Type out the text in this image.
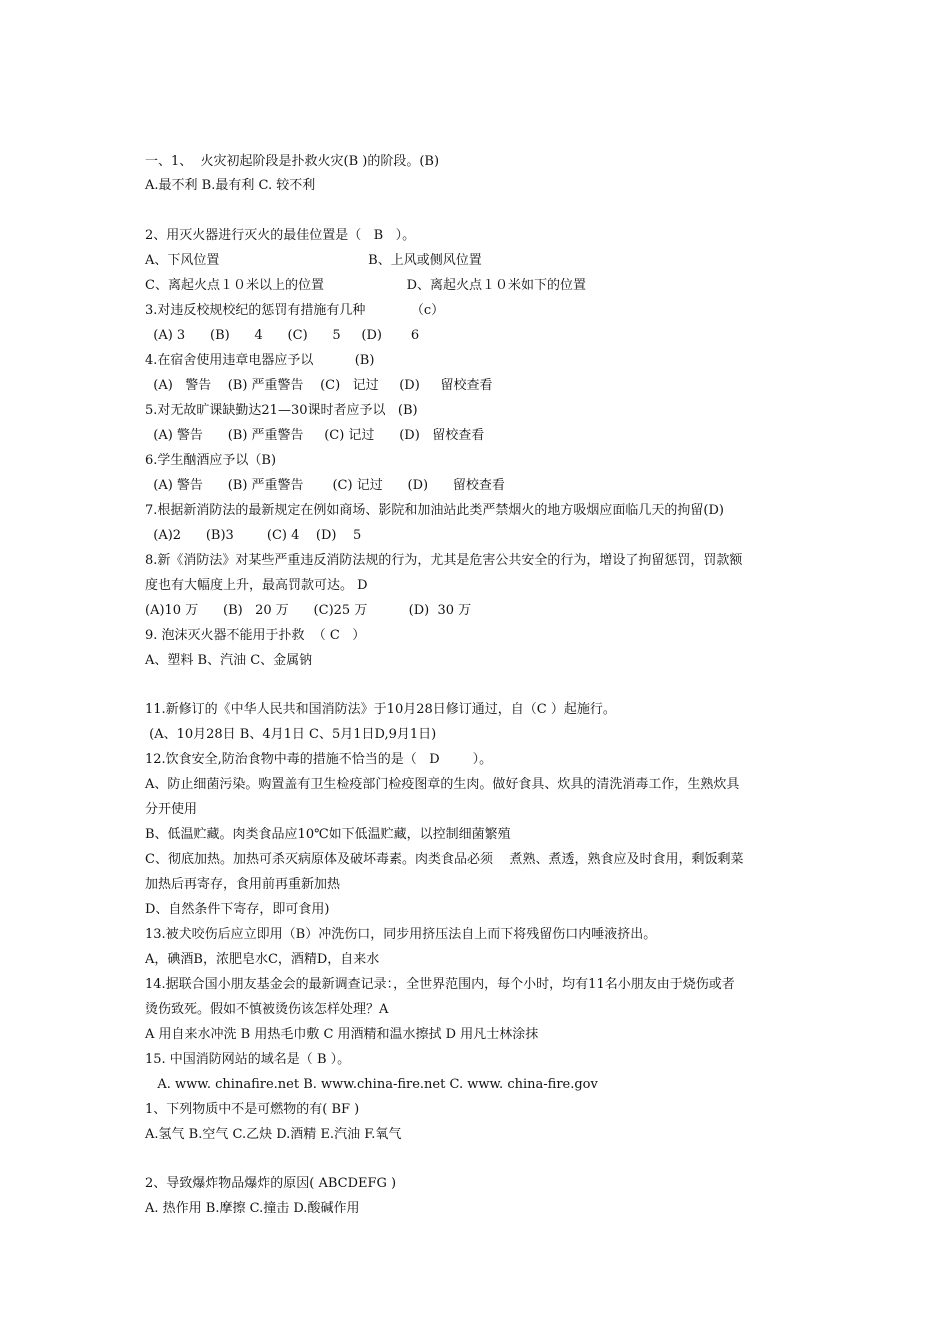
一、1、  火灾初起阶段是扑救火灾(B )的阶段。(B)
A.最不利 B.最有利 C. 较不利
2、用灭火器进行灭火的最佳位置是（   B   ）。
A、下风位置                                    B、上风或侧风位置
C、离起火点１０米以上的位置                    D、离起火点１０米如下的位置
3.对违反校规校纪的惩罚有措施有几种           （c）
(A) 3      (B)      4      (C)      5     (D)       6
4.在宿舍使用违章电器应予以          (B)
(A)   警告    (B) 严重警告    (C)   记过     (D)     留校查看
5.对无故旷课缺勤达21—30课时者应予以   (B)
(A) 警告      (B) 严重警告     (C) 记过      (D)   留校查看
6.学生酗酒应予以（B)
(A) 警告      (B) 严重警告       (C) 记过      (D)      留校查看
7.根据新消防法的最新规定在例如商场、影院和加油站此类严禁烟火的地方吸烟应面临几天的拘留(D)
(A)2      (B)3        (C) 4    (D)    5
8.新《消防法》对某些严重违反消防法规的行为，尤其是危害公共安全的行为，增设了拘留惩罚，罚款额
度也有大幅度上升，最高罚款可达。 D
(A)10 万      (B)   20 万      (C)25 万          (D)  30 万
9. 泡沫灭火器不能用于扑救  （ C   ）
A、塑料 B、汽油 C、金属钠
11.新修订的《中华人民共和国消防法》于10月28日修订通过，自（C ）起施行。
(A、10月28日 B、4月1日 C、5月1日D,9月1日)
12.饮食安全,防治食物中毒的措施不恰当的是（   D        ）。
A、防止细菌污染。购置盖有卫生检疫部门检疫图章的生肉。做好食具、炊具的清洗消毒工作，生熟炊具
分开使用
B、低温贮藏。肉类食品应10℃如下低温贮藏，以控制细菌繁殖
C、彻底加热。加热可杀灭病原体及破坏毒素。肉类食品必须    煮熟、煮透，熟食应及时食用，剩饭剩菜
加热后再寄存，食用前再重新加热
D、自然条件下寄存，即可食用)
13.被犬咬伤后应立即用（B）冲洗伤口，同步用挤压法自上而下将残留伤口内唾液挤出。
A，碘酒B，浓肥皂水C，酒精D，自来水
14.据联合国小朋友基金会的最新调查记录：，全世界范围内，每个小时，均有11名小朋友由于烧伤或者
烫伤致死。假如不慎被烫伤该怎样处理？A
A 用自来水冲洗 B 用热毛巾敷 C 用酒精和温水擦拭 D 用凡士林涂抹
15. 中国消防网站的域名是（ B ）。
A. www. chinafire.net B. www.china-fire.net C. www. china-fire.gov
1、下列物质中不是可燃物的有( BF )
A.氢气 B.空气 C.乙炔 D.酒精 E.汽油 F.氧气
2、导致爆炸物品爆炸的原因( ABCDEFG )
A. 热作用 B.摩擦 C.撞击 D.酸碱作用
